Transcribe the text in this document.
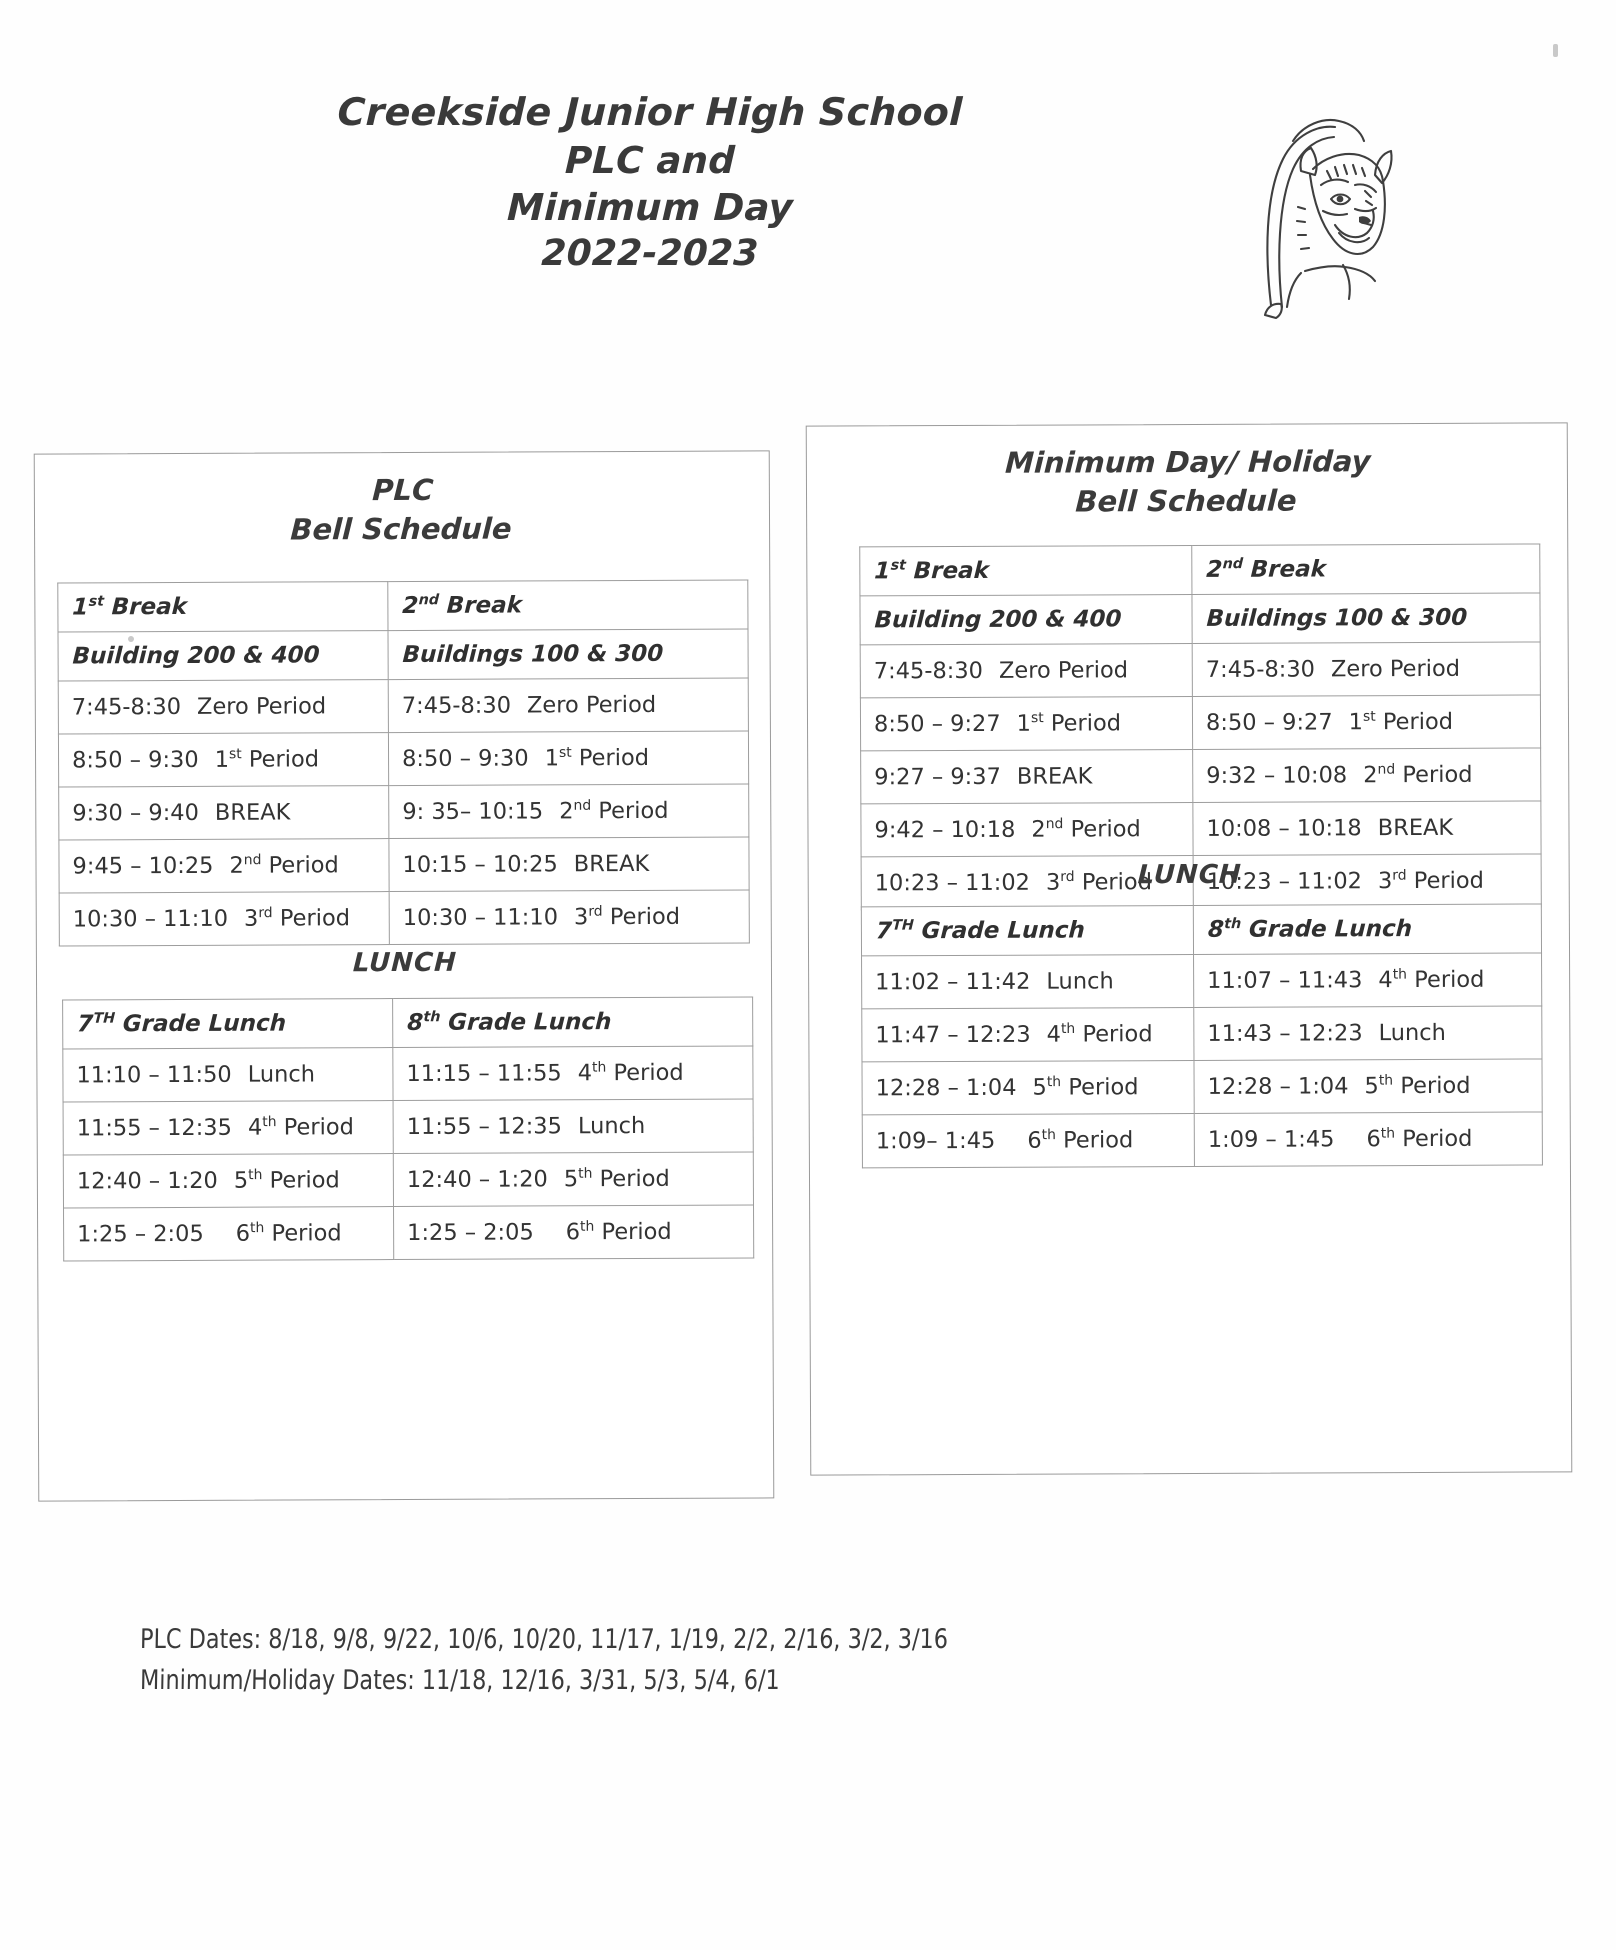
Creekside Junior High School
PLC and
Minimum Day
2022-2023
PLC
Bell Schedule
1st Break	2nd Break

Building 200 & 400	Buildings 100 & 300

7:45-8:30 Zero Period	7:45-8:30 Zero Period

8:50 – 9:30 1st Period	8:50 – 9:30 1st Period

9:30 – 9:40 BREAK	9: 35– 10:15 2nd Period

9:45 – 10:25 2nd Period	10:15 – 10:25 BREAK

10:30 – 11:10 3rd Period	10:30 – 11:10 3rd Period
LUNCH
7TH Grade Lunch	8th Grade Lunch

11:10 – 11:50 Lunch	11:15 – 11:55 4th Period

11:55 – 12:35 4th Period	11:55 – 12:35 Lunch

12:40 – 1:20 5th Period	12:40 – 1:20 5th Period

1:25 – 2:05 6th Period	1:25 – 2:05 6th Period
Minimum Day/ Holiday
Bell Schedule
1st Break	2nd Break

Building 200 & 400	Buildings 100 & 300

7:45-8:30 Zero Period	7:45-8:30 Zero Period

8:50 – 9:27 1st Period	8:50 – 9:27 1st Period

9:27 – 9:37 BREAK	9:32 – 10:08 2nd Period

9:42 – 10:18 2nd Period	10:08 – 10:18 BREAK

10:23 – 11:02 3rd Period	10:23 – 11:02 3rd Period
LUNCH
7TH Grade Lunch	8th Grade Lunch

11:02 – 11:42 Lunch	11:07 – 11:43 4th Period

11:47 – 12:23 4th Period	11:43 – 12:23 Lunch

12:28 – 1:04 5th Period	12:28 – 1:04 5th Period

1:09– 1:45 6th Period	1:09 – 1:45 6th Period
PLC Dates: 8/18, 9/8, 9/22, 10/6, 10/20, 11/17, 1/19, 2/2, 2/16, 3/2, 3/16
Minimum/Holiday Dates: 11/18, 12/16, 3/31, 5/3, 5/4, 6/1
